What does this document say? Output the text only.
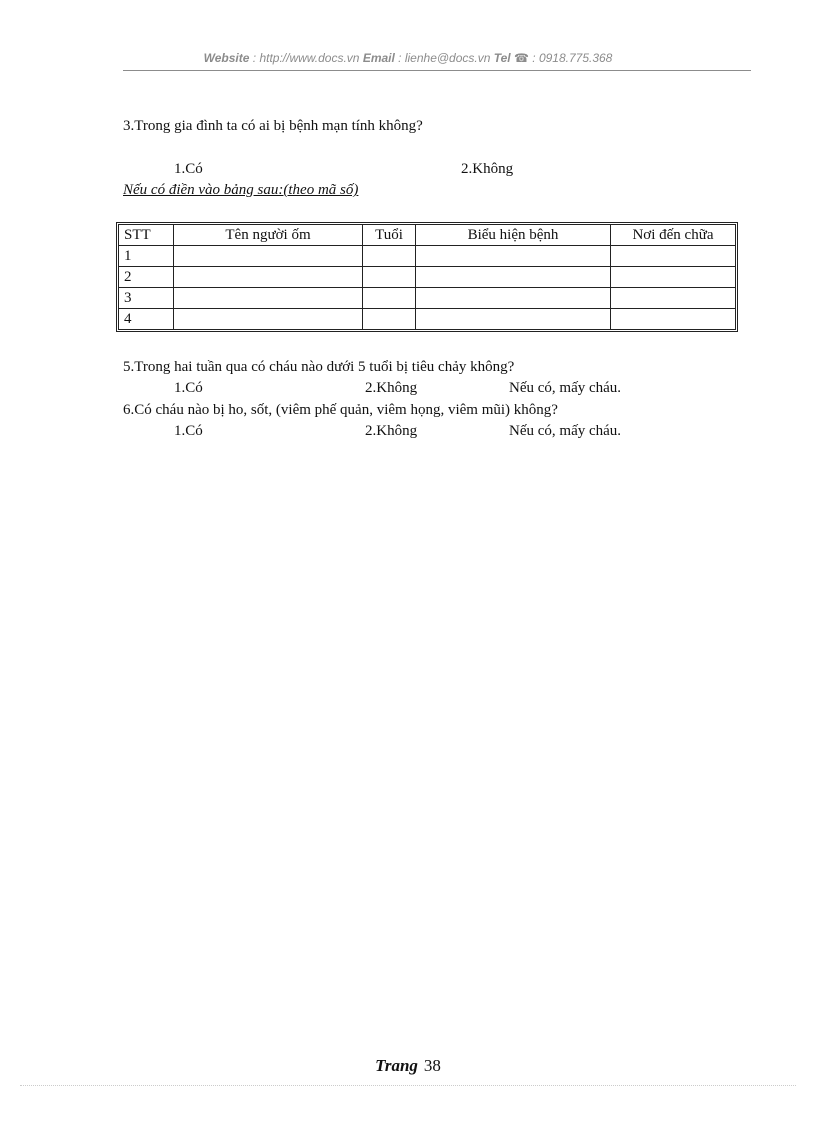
Website : http://www.docs.vn Email : lienhe@docs.vn Tel ☎ : 0918.775.368
3.Trong gia đình ta có ai bị bệnh mạn tính không?
1.Có	2.Không
Nếu có điền vào bảng sau:(theo mã số)
STT	Tên người ốm	Tuổi	Biểu hiện bệnh	Nơi đến chữa
1				
2				
3				
4				
5.Trong hai tuần qua có cháu nào dưới 5 tuổi bị tiêu chảy không?
1.Có	2.Không	Nếu có, mấy cháu.
6.Có cháu nào bị ho, sốt, (viêm phế quản, viêm họng, viêm mũi) không?
1.Có	2.Không	Nếu có, mấy cháu.
Trang 38
